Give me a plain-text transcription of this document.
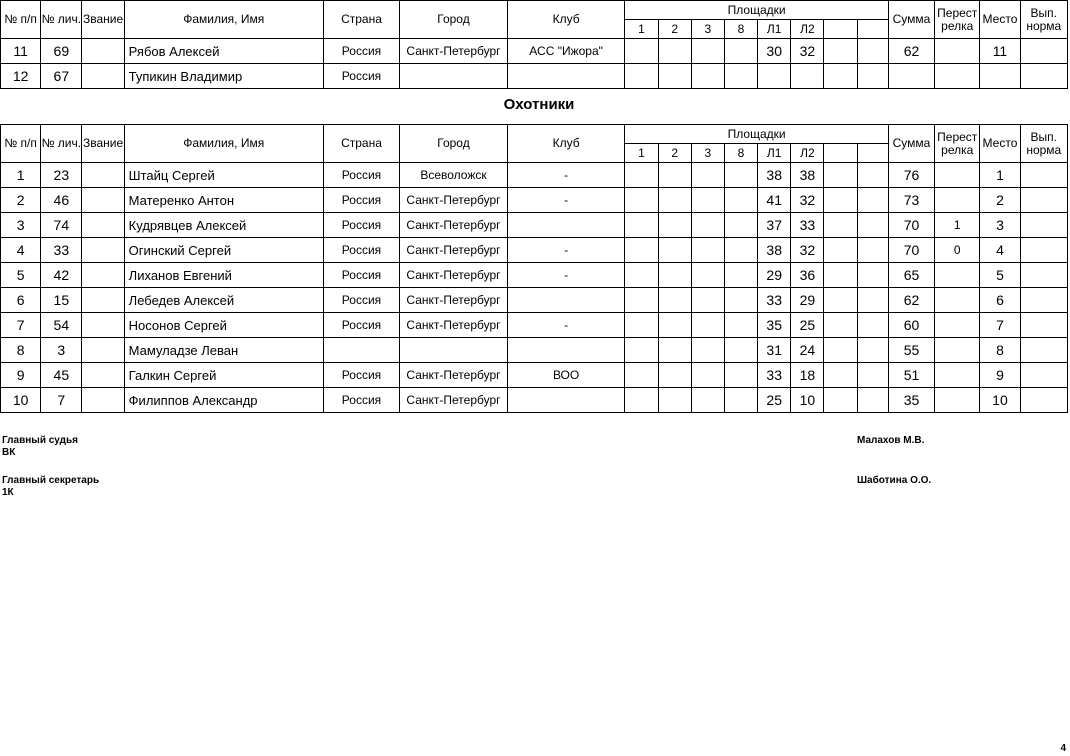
№ п/п	№ лич.	Звание	Фамилия, Имя	Страна	Город	Клуб	Площадки								Сумма	Перест релка	Место	Вып. норма
							1	2	3	8	Л1	Л2						
11	69		Рябов Алексей	Россия	Санкт-Петербург	АСС "Ижора"					30	32			62		11	
12	67		Тупикин Владимир	Россия														
Охотники
№ п/п	№ лич.	Звание	Фамилия, Имя	Страна	Город	Клуб	Площадки								Сумма	Перест релка	Место	Вып. норма
							1	2	3	8	Л1	Л2						
1	23		Штайц Сергей	Россия	Всеволожск	-					38	38			76		1	
2	46		Матеренко Антон	Россия	Санкт-Петербург	-					41	32			73		2	
3	74		Кудрявцев Алексей	Россия	Санкт-Петербург						37	33			70	1	3	
4	33		Огинский Сергей	Россия	Санкт-Петербург	-					38	32			70	0	4	
5	42		Лиханов Евгений	Россия	Санкт-Петербург	-					29	36			65		5	
6	15		Лебедев Алексей	Россия	Санкт-Петербург						33	29			62		6	
7	54		Носонов Сергей	Россия	Санкт-Петербург	-					35	25			60		7	
8	3		Мамуладзе Леван								31	24			55		8	
9	45		Галкин Сергей	Россия	Санкт-Петербург	ВОО					33	18			51		9	
10	7		Филиппов Александр	Россия	Санкт-Петербург						25	10			35		10	
Главный судья
ВК
Малахов М.В.
Главный секретарь
1К
Шаботина О.О.
4
